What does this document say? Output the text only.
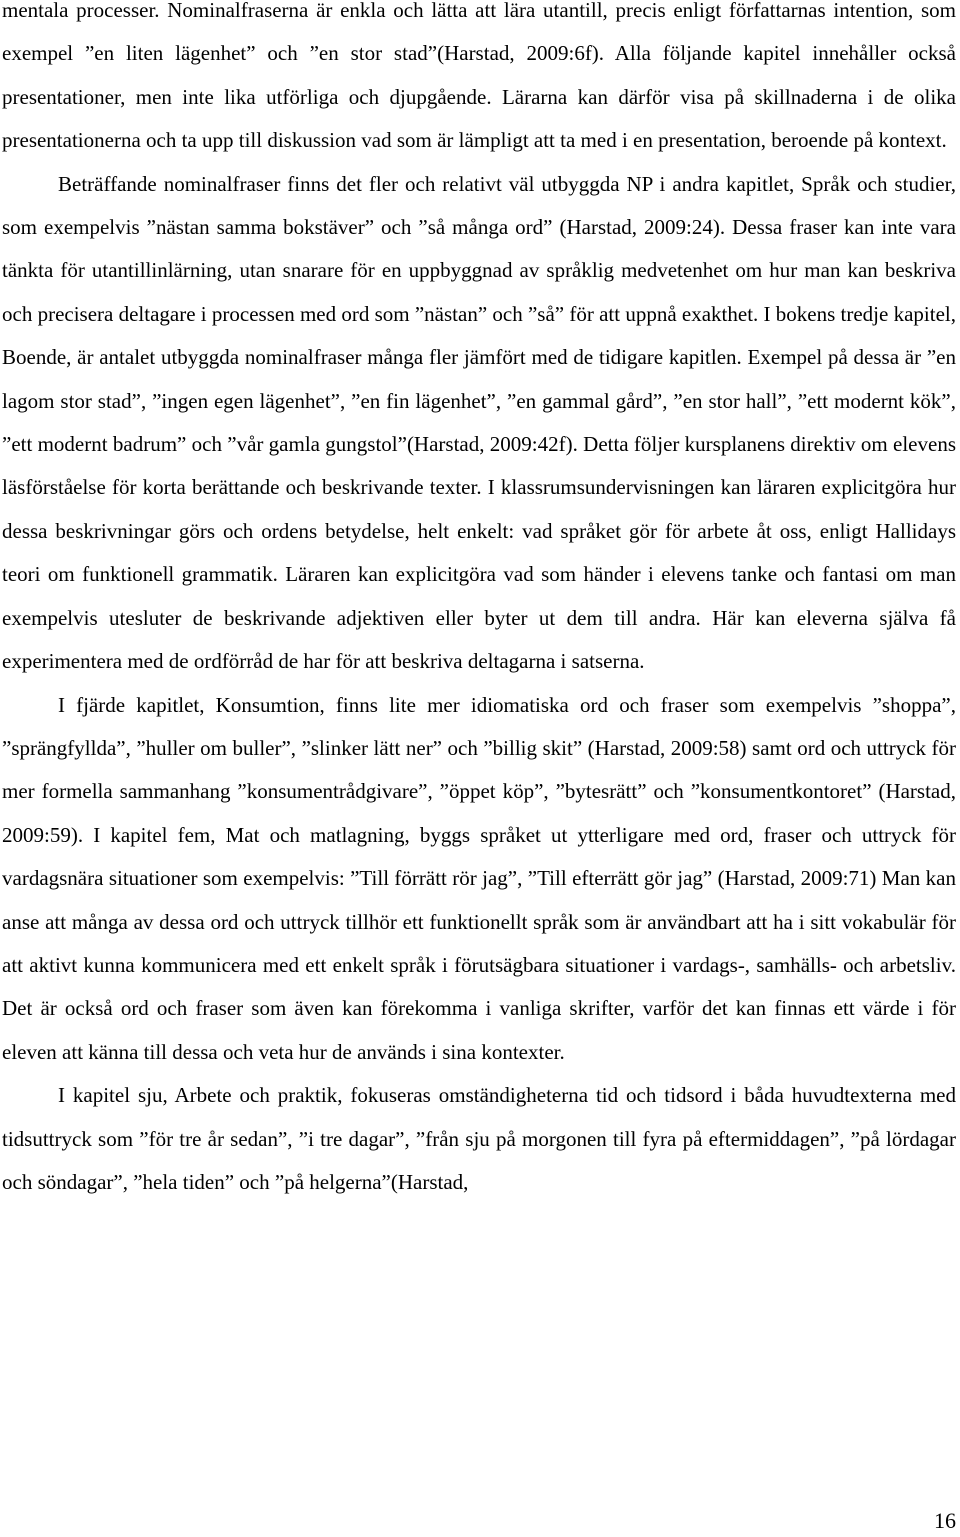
mentala processer. Nominalfraserna är enkla och lätta att lära utantill, precis enligt författarnas intention, som exempel ”en liten lägenhet” och ”en stor stad”(Harstad, 2009:6f). Alla följande kapitel innehåller också presentationer, men inte lika utförliga och djupgående. Lärarna kan därför visa på skillnaderna i de olika presentationerna och ta upp till diskussion vad som är lämpligt att ta med i en presentation, beroende på kontext.

Beträffande nominalfraser finns det fler och relativt väl utbyggda NP i andra kapitlet, Språk och studier, som exempelvis ”nästan samma bokstäver” och ”så många ord” (Harstad, 2009:24). Dessa fraser kan inte vara tänkta för utantillinlärning, utan snarare för en uppbyggnad av språklig medvetenhet om hur man kan beskriva och precisera deltagare i processen med ord som ”nästan” och ”så” för att uppnå exakthet. I bokens tredje kapitel, Boende, är antalet utbyggda nominalfraser många fler jämfört med de tidigare kapitlen. Exempel på dessa är ”en lagom stor stad”, ”ingen egen lägenhet”, ”en fin lägenhet”, ”en gammal gård”, ”en stor hall”, ”ett modernt kök”, ”ett modernt badrum” och ”vår gamla gungstol”(Harstad, 2009:42f). Detta följer kursplanens direktiv om elevens läsförståelse för korta berättande och beskrivande texter. I klassrumsundervisningen kan läraren explicitgöra hur dessa beskrivningar görs och ordens betydelse, helt enkelt: vad språket gör för arbete åt oss, enligt Hallidays teori om funktionell grammatik. Läraren kan explicitgöra vad som händer i elevens tanke och fantasi om man exempelvis utesluter de beskrivande adjektiven eller byter ut dem till andra. Här kan eleverna själva få experimentera med de ordförråd de har för att beskriva deltagarna i satserna.

I fjärde kapitlet, Konsumtion, finns lite mer idiomatiska ord och fraser som exempelvis ”shoppa”, ”sprängfyllda”, ”huller om buller”, ”slinker lätt ner” och ”billig skit” (Harstad, 2009:58) samt ord och uttryck för mer formella sammanhang ”konsumentrådgivare”, ”öppet köp”, ”bytesrätt” och ”konsumentkontoret” (Harstad, 2009:59). I kapitel fem, Mat och matlagning, byggs språket ut ytterligare med ord, fraser och uttryck för vardagsnära situationer som exempelvis: ”Till förrätt rör jag”, ”Till efterrätt gör jag” (Harstad, 2009:71) Man kan anse att många av dessa ord och uttryck tillhör ett funktionellt språk som är användbart att ha i sitt vokabulär för att aktivt kunna kommunicera med ett enkelt språk i förutsägbara situationer i vardags-, samhälls- och arbetsliv. Det är också ord och fraser som även kan förekomma i vanliga skrifter, varför det kan finnas ett värde i för eleven att känna till dessa och veta hur de används i sina kontexter.

I kapitel sju, Arbete och praktik, fokuseras omständigheterna tid och tidsord i båda huvudtexterna med tidsuttryck som ”för tre år sedan”, ”i tre dagar”, ”från sju på morgonen till fyra på eftermiddagen”, ”på lördagar och söndagar”, ”hela tiden” och ”på helgerna”(Harstad,

16
